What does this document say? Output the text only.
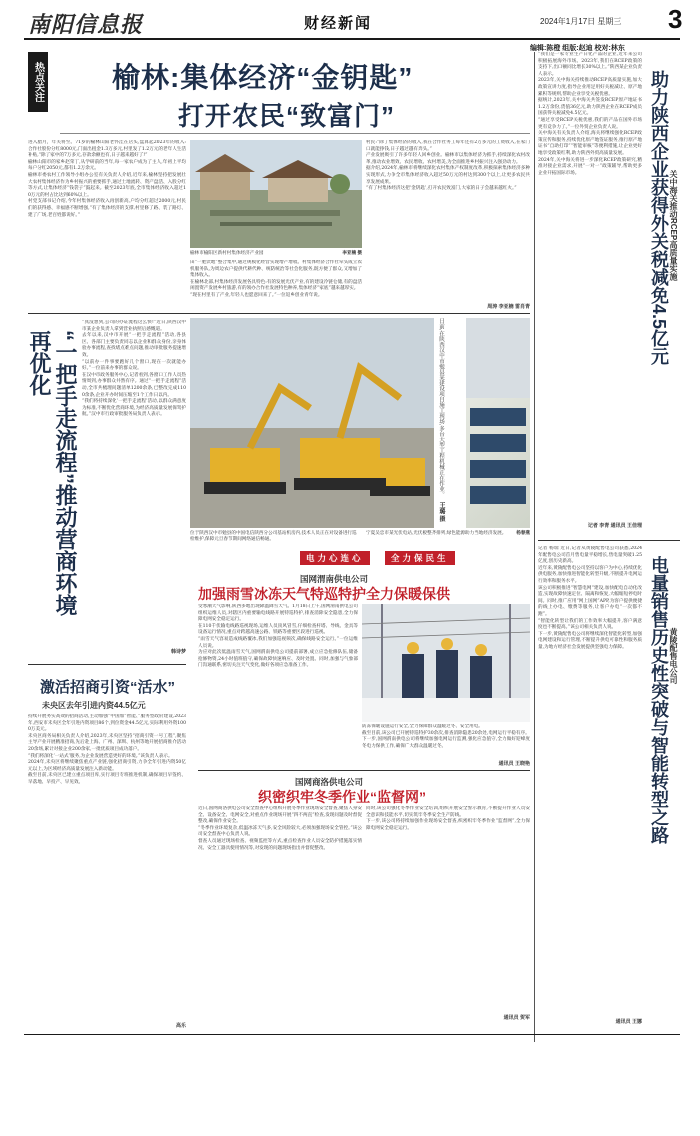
南阳信息报	财经新闻	2024年1月17日 星期三 3
编辑:陈橙 组版:赵迪 校对:林东
热点关注 榆林:集体经济“金钥匙”
打开农民“致富门”
进入腊月，年关将至。71岁的榆林山阳老怀洼在店头,盘算起2023年的收入:合作社股份分红8000元,门面出租金1.3万多元,村里发了1.2万元的老年人生活补贴,“除了家中的7万多元,存款余额也有,日子越来越好了!”
榆林山阳市的家乡赵荣丁,从学研前的当年,每一家农户成为了主人,年初上平均每户分红2050元,都有1.2万余元。
榆林市委农村工作领导小组办公室有关负责人介绍,近年来,榆林坚持把发展壮大农村集体经济作为乡村振兴的重要抓手,通过土地流转、资产盘活、入股分红等方式,让集体经济“钱袋子”鼓起来。截至2023年底,全市集体经济收入超过10万元的村占比达到60%以上。
村党支部书记介绍,今年村集体经济收入再创新高,户均分红超过2000元,村民们的获得感、幸福感不断增强,“有了集体经济的支撑,村里修了路、装了路灯、建了广场,老百姓都说好。”
榆林市榆阳区新村村集体经济产业园	李亚楠 摄
田“一肥饮地”整合集中,通过规模化经营实现增产增收。村集体经济合作社牵头成立农机服务队,为周边农户提供代耕代种、统防统治等社会化服务,既方便了群众,又增加了集体收入。
在榆林北部,村集体经济发展各具特色:有的发展光伏产业,有的建设冷链仓储,有的盘活闲置资产发展乡村旅游,有的领办合作社发展特色种养,集体经济“家底”越来越厚实。
“现在村里有了产业,年轻人也愿意回来了。”一位返乡创业青年说。
村民:“除了集体经济的收入,我在合作社务工每年还有2万多元的工资收入,在家门口就能挣钱,日子越过越有奔头。”
产业发展吸引了许多年轻人回乡创业。榆林市以集体经济为抓手,持续深化农村改革,推动农业增效、农民增收、农村增美,为全面推进乡村振兴注入强劲动力。
据介绍,2024年,榆林市将继续深化农村集体产权制度改革,积极探索集体经济多种实现形式,力争全市集体经济收入超过50万元的村达到300个以上,让更多农民共享发展成果。
“有了村集体经济这把‘金钥匙’,打开农民致富门,大家的日子会越来越红火。”
周涛 李亚楠 雷肖青
“一把手走流程”推动营商环境再优化
“真没想到,公司的办证流程这么快!”近日,陕西汉中市某企业负责人拿到营业执照后感慨道。
去年以来,汉中市开展“一把手走流程”活动,各县区、各部门主要负责同志以企业和群众身份,亲身体验办事流程,查找堵点难点问题,推动审批服务提速增效。
“以前办一件事要跑好几个窗口,现在一次就能办好。”一位前来办事的群众说。
在汉中市政务服务中心,记者看到,各窗口工作人员热情周到,办事群众井然有序。通过“一把手走流程”活动,全市共梳理问题清单1200余条,已整改完成1100余条,企业开办时间压缩至1个工作日以内。
“我们将持续深化‘一把手走流程’活动,以群众满意度为标准,不断优化营商环境,为经济高质量发展保驾护航。”汉中市行政审批服务局负责人表示。
韩诗梦
日前,在陕西汉中市勉县某建设项目施工现场,多台大型工程机械正在作业。
王璐 摄
位于陕西汉中市勉县的中国电信陕西分公司基站机房内,技术人员正在对设备进行巡检维护,保障元旦春节期间网络通信畅通。
宁夏吴忠市某光伏电站,光伏板整齐排列,绿色能源助力当地经济发展。 杨春燕
电力心连心	全力保民生
国网渭南供电公司
加强雨雪冰冻天气特巡特护全力保暖保供
受寒潮天气影响,陕西多地出现降温降雪天气。1月18日上午,国网渭南供电公司组织运维人员,对辖区内重要输电线路开展特巡特护,排查消除安全隐患,全力保障电网安全稳定运行。
在110千伏输电线路巡视现场,运维人员顶风冒雪,仔细检查杆塔、导线、金具等设备运行情况,重点对跨越高速公路、铁路等重要区段进行巡视。
“雨雪天气容易造成线路覆冰,我们加强巡视频次,确保线路安全运行。”一位运维人员说。
为应对此次低温雨雪天气,国网渭南供电公司提前部署,成立应急抢修队伍,储备抢修物资,24小时值班值守,确保故障快速响应、及时处置。同时,加强与气象部门沟通联系,密切关注天气变化,做好各项应急准备工作。
防冻保暖设施运行安全,全力保障群众温暖过冬、安全用电。
截至目前,该公司已开展特巡特护30余次,排查消除隐患20余处,电网运行平稳有序。
下一步,国网渭南供电公司将继续加强电网运行监测,强化应急值守,全力做好迎峰度冬电力保供工作,确保广大群众温暖过冬。
通讯员 王晓艳
激活招商引资“活水”
未央区去年引进内资44.5亿元
持续开展务实高效的招商活动,主动加强“中国加“智能、”服务型政府建设,2023年,西安市未央区全年引进内资项目86个,到位资金44.5亿元,实际利用外资1000万美元。
未央区商务局相关负责人介绍,2023年,未央区坚持“招商引资一号工程”,聚焦主导产业开展精准招商,先后赴上海、广州、深圳、杭州等地开展招商推介活动20余场,累计对接企业200余家,一批优质项目成功落户。
“我们将深化‘一站式’服务,为企业发展营造更好的环境。”该负责人表示。
2024年,未央区将继续聚焦重点产业链,强化招商引资,力争全年引进内资50亿元以上,为区域经济高质量发展注入新动能。
截至目前,未央区已建立重点项目库,实行项目专班推进机制,确保项目早签约、早落地、早投产、早见效。
高乐
国网商洛供电公司
织密织牢冬季作业“监督网”
近日,国网商洛供电公司安全督查中心组织开展冬季作业现场安全督查,聚焦人身安全、设备安全、电网安全,对重点作业现场开展“四不两直”检查,发现问题及时督促整改,确保作业安全。
“冬季作业环境复杂,低温冰冻天气多,安全风险较大,必须加强现场安全管控。”该公司安全督查中心负责人说。
督查人员通过现场检查、视频监控等方式,重点检查作业人员安全防护措施落实情况、安全工器具使用情况等,对发现的问题现场指出并督促整改。
同时,该公司强化冬季作业安全培训,组织开展安全警示教育,不断提升作业人员安全意识和技能水平,切实筑牢冬季安全生产防线。
下一步,该公司将持续加强作业现场安全督查,织密织牢冬季作业“监督网”,全力保障电网安全稳定运行。
通讯员 贺军
“我们是一家专业生产日化产品的企业,近年来公司积极拓展海外市场。2023年,我们在RCEP政策的支持下,出口额同比增长30%以上。”陕西某企业负责人表示。
2023年,关中海关持续推动RCEP高质量实施,加大政策宣讲力度,指导企业用足用好关税减让、原产地累积等规则,帮助企业享受关税优惠。
据统计,2023年,关中海关共签发RCEP原产地证书1.2万余份,货值36亿元,助力陕西企业在RCEP成员国获得关税减免4.5亿元。
“通过享受RCEP关税优惠,我们的产品在国外市场更有竞争力了。”一位外贸企业负责人说。
关中海关有关负责人介绍,海关将继续强化RCEP政策宣传和服务,持续优化原产地签证服务,推行原产地证书“自助打印”“智能审核”等便利措施,让企业更好地享受政策红利,助力陕西外贸高质量发展。
2024年,关中海关将进一步深化RCEP政策研究,精准对接企业需求,开展“一对一”政策辅导,帮助更多企业开拓国际市场。
记者 李青 通讯员 王佳理
助力陕西企业获得外关税减免4.5亿元 关中海关推动RCEP高质量实施
记者 杨瑞 近日,记者从黄陵配售电公司获悉,2024年配售电公司首月售电量平稳增长,售电量突破1.25亿度,创历史新高。
近年来,黄陵配售电公司坚持以客户为中心,持续优化供电服务,加快推进智能化转型升级,不断提升电网运行效率和服务水平。
该公司积极推进“智慧电网”建设,加快配电自动化改造,实现故障快速定位、隔离和恢复,大幅缩短停电时间。同时,推广应用“网上国网”APP,为客户提供便捷的线上办电、缴费等服务,让客户办电“一次都不跑”。
“智能化转型让我们的工作效率大幅提升,客户满意度也不断提高。”该公司相关负责人说。
下一步,黄陵配售电公司将继续深化智能化转型,加强电网建设和运行管理,不断提升供电可靠性和服务质量,为地方经济社会发展提供坚强电力保障。
通讯员 王娜
电量销售历史性突破与智能转型之路 黄陵配售电公司
